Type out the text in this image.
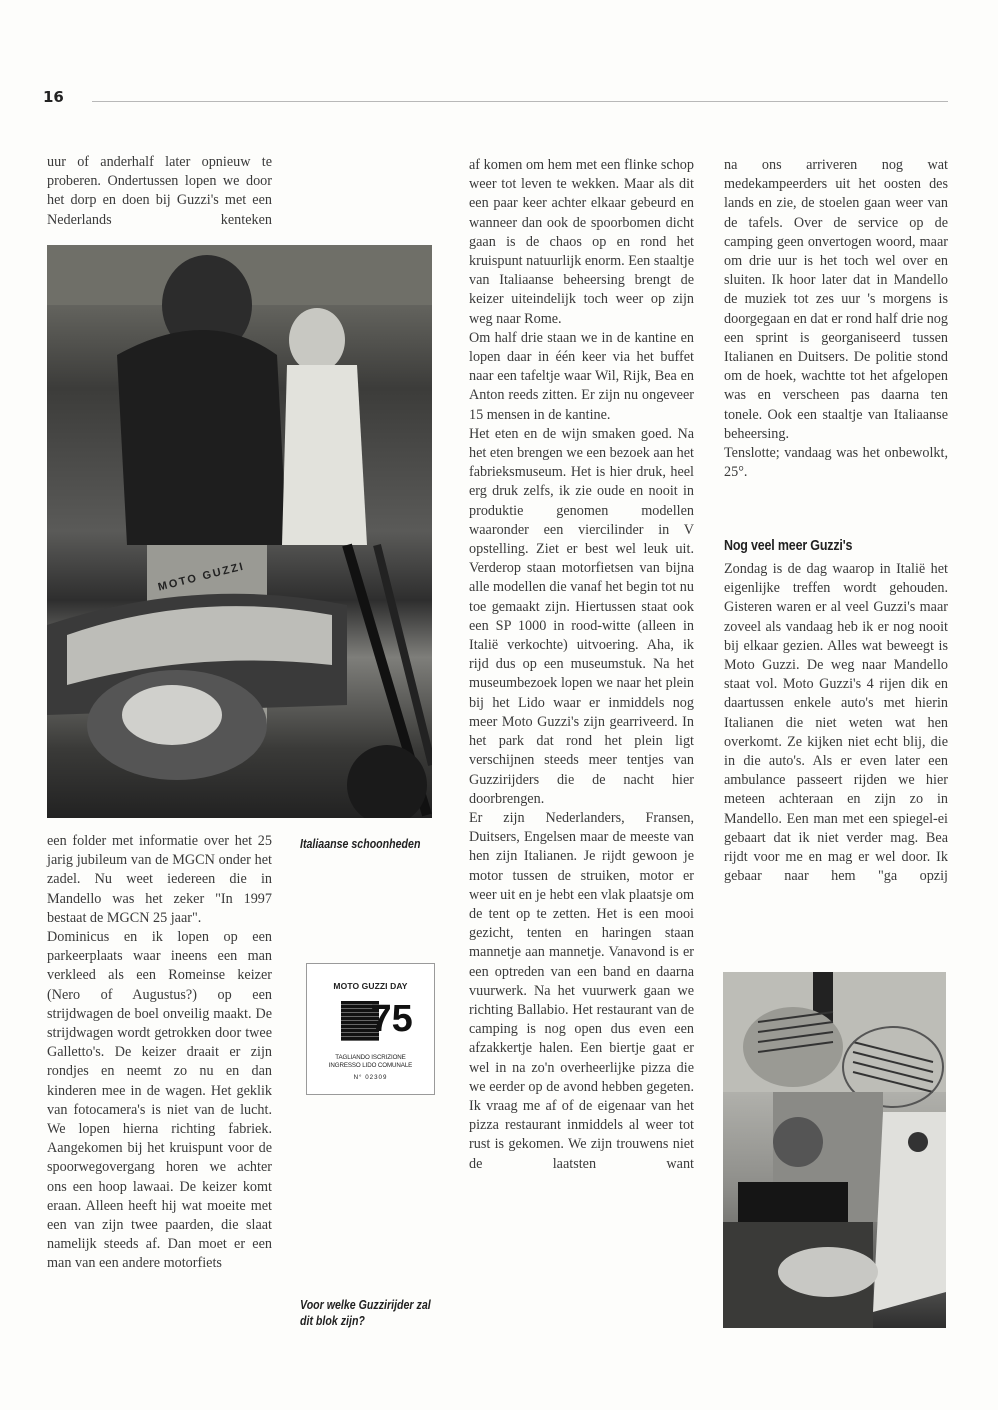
16

uur of anderhalf later opnieuw te proberen. Ondertussen lopen we door het dorp en doen bij Guzzi's met een Nederlands kenteken

MOTO GUZZI
Italiaanse schoonheden

een folder met informatie over het 25 jarig jubileum van de MGCN onder het zadel. Nu weet iedereen die in Mandello was het zeker "In 1997 bestaat de MGCN 25 jaar".

Dominicus en ik lopen op een parkeerplaats waar ineens een man verkleed als een Romeinse keizer (Nero of Augustus?) op een strijdwagen de boel onveilig maakt. De strijdwagen wordt getrokken door twee Galletto's. De keizer draait er zijn rondjes en neemt zo nu en dan kinderen mee in de wagen. Het geklik van fotocamera's is niet van de lucht. We lopen hierna richting fabriek. Aangekomen bij het kruispunt voor de spoorwegovergang horen we achter ons een hoop lawaai. De keizer komt eraan. Alleen heeft hij wat moeite met een van zijn twee paarden, die slaat namelijk steeds af. Dan moet er een man van een andere motorfiets

MOTO GUZZI DAY
75
TAGLIANDO ISCRIZIONE
INGRESSO LIDO COMUNALE
N° 02309
Voor welke Guzzirijder zal dit blok zijn?

af komen om hem met een flinke schop weer tot leven te wekken. Maar als dit een paar keer achter elkaar gebeurd en wanneer dan ook de spoorbomen dicht gaan is de chaos op en rond het kruispunt natuurlijk enorm. Een staaltje van Italiaanse beheersing brengt de keizer uiteindelijk toch weer op zijn weg naar Rome.

Om half drie staan we in de kantine en lopen daar in één keer via het buffet naar een tafeltje waar Wil, Rijk, Bea en Anton reeds zitten. Er zijn nu ongeveer 15 mensen in de kantine.

Het eten en de wijn smaken goed. Na het eten brengen we een bezoek aan het fabrieksmuseum. Het is hier druk, heel erg druk zelfs, ik zie oude en nooit in produktie genomen modellen waaronder een viercilinder in V opstelling. Ziet er best wel leuk uit. Verderop staan motorfietsen van bijna alle modellen die vanaf het begin tot nu toe gemaakt zijn. Hiertussen staat ook een SP 1000 in rood-witte (alleen in Italië verkochte) uitvoering. Aha, ik rijd dus op een museumstuk. Na het museumbezoek lopen we naar het plein bij het Lido waar er inmiddels nog meer Moto Guzzi's zijn gearriveerd. In het park dat rond het plein ligt verschijnen steeds meer tentjes van Guzzirijders die de nacht hier doorbrengen.

Er zijn Nederlanders, Fransen, Duitsers, Engelsen maar de meeste van hen zijn Italianen. Je rijdt gewoon je motor tussen de struiken, motor er weer uit en je hebt een vlak plaatsje om de tent op te zetten. Het is een mooi gezicht, tenten en haringen staan mannetje aan mannetje. Vanavond is er een optreden van een band en daarna vuurwerk. Na het vuurwerk gaan we richting Ballabio. Het restaurant van de camping is nog open dus even een afzakkertje halen. Een biertje gaat er wel in na zo'n overheerlijke pizza die we eerder op de avond hebben gegeten. Ik vraag me af of de eigenaar van het pizza restaurant inmiddels al weer tot rust is gekomen. We zijn trouwens niet de laatsten want

na ons arriveren nog wat medekampeerders uit het oosten des lands en zie, de stoelen gaan weer van de tafels. Over de service op de camping geen onvertogen woord, maar om drie uur is het toch wel over en sluiten. Ik hoor later dat in Mandello de muziek tot zes uur 's morgens is doorgegaan en dat er rond half drie nog een sprint is georganiseerd tussen Italianen en Duitsers. De politie stond om de hoek, wachtte tot het afgelopen was en verscheen pas daarna ten tonele. Ook een staaltje van Italiaanse beheersing.

Tenslotte; vandaag was het onbewolkt, 25°.

Nog veel meer Guzzi's

Zondag is de dag waarop in Italië het eigenlijke treffen wordt gehouden. Gisteren waren er al veel Guzzi's maar zoveel als vandaag heb ik er nog nooit bij elkaar gezien. Alles wat beweegt is Moto Guzzi. De weg naar Mandello staat vol. Moto Guzzi's 4 rijen dik en daartussen enkele auto's met hierin Italianen die niet weten wat hen overkomt. Ze kijken niet echt blij, die in die auto's. Als er even later een ambulance passeert rijden we hier meteen achteraan en zijn zo in Mandello. Een man met een spiegel-ei gebaart dat ik niet verder mag. Bea rijdt voor me en mag er wel door. Ik gebaar naar hem "ga opzij
